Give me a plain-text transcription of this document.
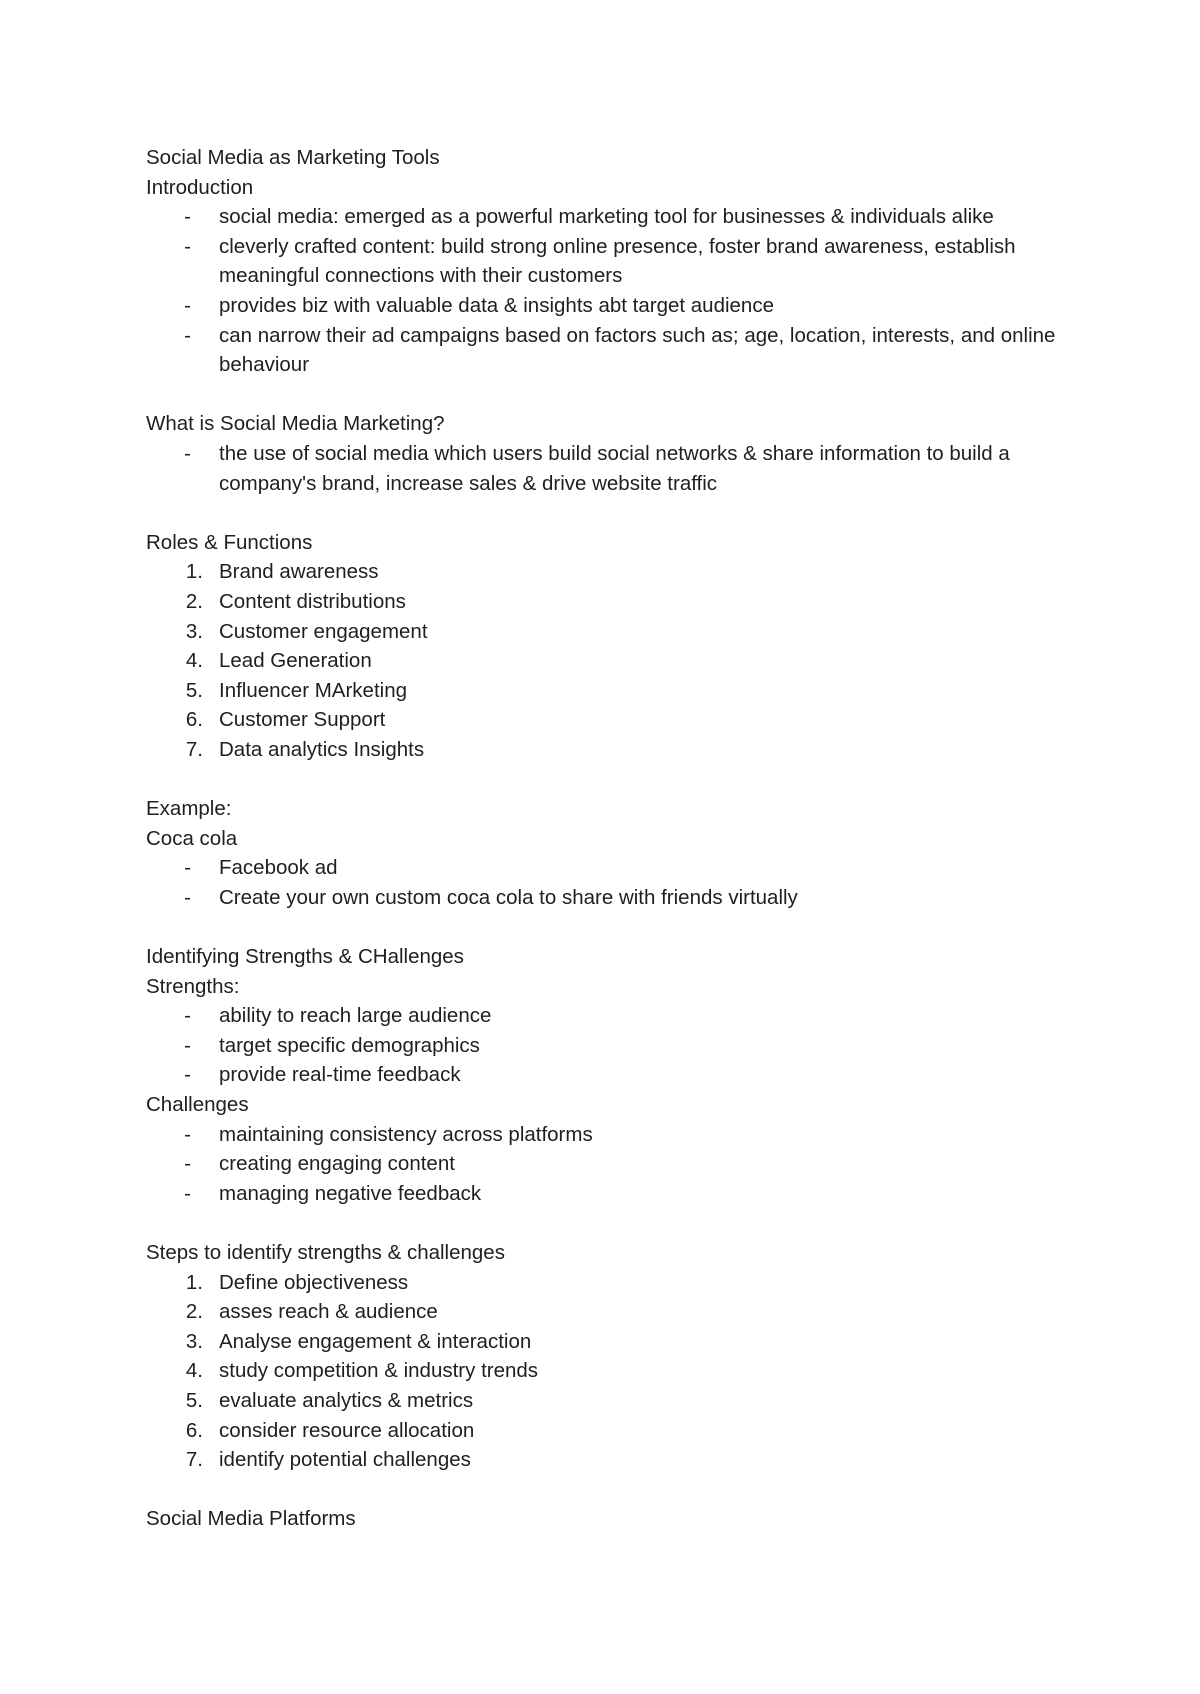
Social Media as Marketing Tools

Introduction

-	social media: emerged as a powerful marketing tool for businesses & individuals alike
-	cleverly crafted content: build strong online presence, foster brand awareness, establish meaningful connections with their customers
-	provides biz with valuable data & insights abt target audience
-	can narrow their ad campaigns based on factors such as; age, location, interests, and online behaviour

What is Social Media Marketing?

-	the use of social media which users build social networks & share information to build a company's brand, increase sales & drive website traffic

Roles & Functions

1. Brand awareness
2. Content distributions
3. Customer engagement
4. Lead Generation
5. Influencer MArketing
6. Customer Support
7. Data analytics Insights

Example:

Coca cola

-	Facebook ad
-	Create your own custom coca cola to share with friends virtually

Identifying Strengths & CHallenges

Strengths:

-	ability to reach large audience
-	target specific demographics
-	provide real-time feedback

Challenges

-	maintaining consistency across platforms
-	creating engaging content
-	managing negative feedback

Steps to identify strengths & challenges

1. Define objectiveness
2. asses reach & audience
3. Analyse engagement & interaction
4. study competition & industry trends
5. evaluate analytics & metrics
6. consider resource allocation
7. identify potential challenges

Social Media Platforms
